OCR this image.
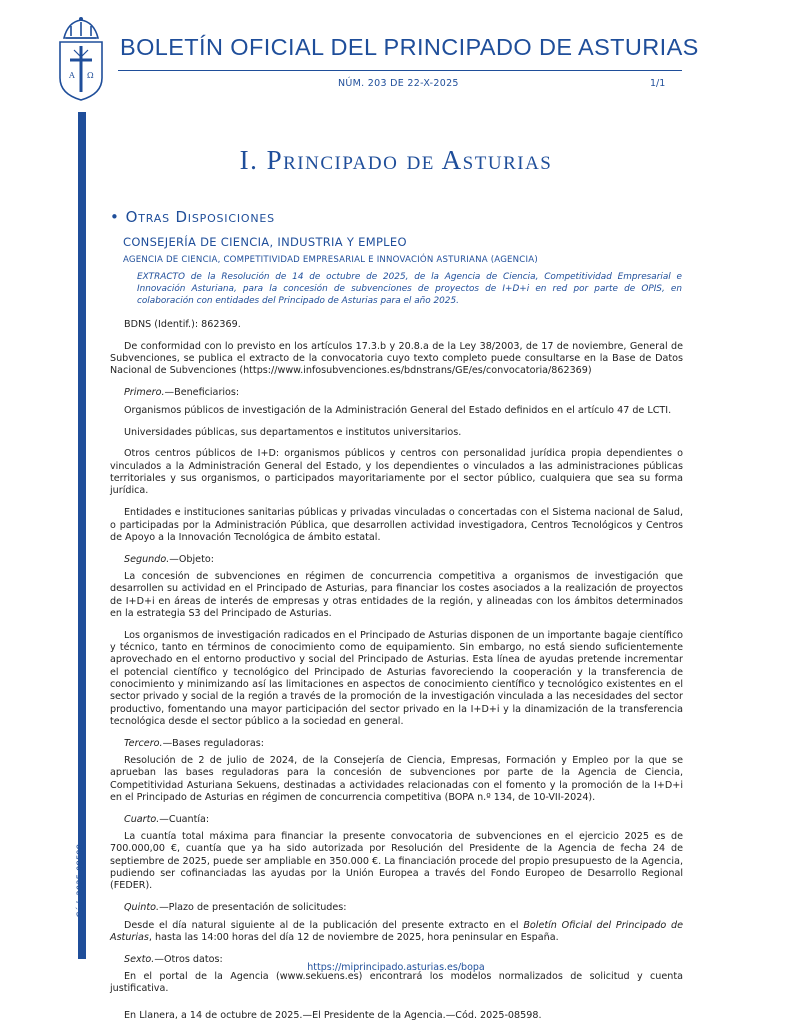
A Ω
BOLETÍN OFICIAL DEL PRINCIPADO DE ASTURIAS
NÚM. 203 DE 22-X-2025	1/1
Cód. 2025-08598
I. Principado de Asturias
• Otras Disposiciones
CONSEJERÍA DE CIENCIA, INDUSTRIA Y EMPLEO
AGENCIA DE CIENCIA, COMPETITIVIDAD EMPRESARIAL E INNOVACIÓN ASTURIANA (AGENCIA)

EXTRACTO de la Resolución de 14 de octubre de 2025, de la Agencia de Ciencia, Competitividad Empresarial e Innovación Asturiana, para la concesión de subvenciones de proyectos de I+D+i en red por parte de OPIS, en colaboración con entidades del Principado de Asturias para el año 2025.

BDNS (Identif.): 862369.

De conformidad con lo previsto en los artículos 17.3.b y 20.8.a de la Ley 38/2003, de 17 de noviembre, General de Subvenciones, se publica el extracto de la convocatoria cuyo texto completo puede consultarse en la Base de Datos Nacional de Subvenciones (https://www.infosubvenciones.es/bdnstrans/GE/es/convocatoria/862369)

Primero.—Beneficiarios:

Organismos públicos de investigación de la Administración General del Estado definidos en el artículo 47 de LCTI.

Universidades públicas, sus departamentos e institutos universitarios.

Otros centros públicos de I+D: organismos públicos y centros con personalidad jurídica propia dependientes o vinculados a la Administración General del Estado, y los dependientes o vinculados a las administraciones públicas territoriales y sus organismos, o participados mayoritariamente por el sector público, cualquiera que sea su forma jurídica.

Entidades e instituciones sanitarias públicas y privadas vinculadas o concertadas con el Sistema nacional de Salud, o participadas por la Administración Pública, que desarrollen actividad investigadora, Centros Tecnológicos y Centros de Apoyo a la Innovación Tecnológica de ámbito estatal.

Segundo.—Objeto:

La concesión de subvenciones en régimen de concurrencia competitiva a organismos de investigación que desarrollen su actividad en el Principado de Asturias, para financiar los costes asociados a la realización de proyectos de I+D+i en áreas de interés de empresas y otras entidades de la región, y alineadas con los ámbitos determinados en la estrategia S3 del Principado de Asturias.

Los organismos de investigación radicados en el Principado de Asturias disponen de un importante bagaje científico y técnico, tanto en términos de conocimiento como de equipamiento. Sin embargo, no está siendo suficientemente aprovechado en el entorno productivo y social del Principado de Asturias. Esta línea de ayudas pretende incrementar el potencial científico y tecnológico del Principado de Asturias favoreciendo la cooperación y la transferencia de conocimiento y minimizando así las limitaciones en aspectos de conocimiento científico y tecnológico existentes en el sector privado y social de la región a través de la promoción de la investigación vinculada a las necesidades del sector productivo, fomentando una mayor participación del sector privado en la I+D+i y la dinamización de la transferencia tecnológica desde el sector público a la sociedad en general.

Tercero.—Bases reguladoras:

Resolución de 2 de julio de 2024, de la Consejería de Ciencia, Empresas, Formación y Empleo por la que se aprueban las bases reguladoras para la concesión de subvenciones por parte de la Agencia de Ciencia, Competitividad Asturiana Sekuens, destinadas a actividades relacionadas con el fomento y la promoción de la I+D+i en el Principado de Asturias en régimen de concurrencia competitiva (BOPA n.º 134, de 10-VII-2024).

Cuarto.—Cuantía:

La cuantía total máxima para financiar la presente convocatoria de subvenciones en el ejercicio 2025 es de 700.000,00 €, cuantía que ya ha sido autorizada por Resolución del Presidente de la Agencia de fecha 24 de septiembre de 2025, puede ser ampliable en 350.000 €. La financiación procede del propio presupuesto de la Agencia, pudiendo ser cofinanciadas las ayudas por la Unión Europea a través del Fondo Europeo de Desarrollo Regional (FEDER).

Quinto.—Plazo de presentación de solicitudes:

Desde el día natural siguiente al de la publicación del presente extracto en el Boletín Oficial del Principado de Asturias, hasta las 14:00 horas del día 12 de noviembre de 2025, hora peninsular en España.

Sexto.—Otros datos:

En el portal de la Agencia (www.sekuens.es) encontrará los modelos normalizados de solicitud y cuenta justificativa.

En Llanera, a 14 de octubre de 2025.—El Presidente de la Agencia.—Cód. 2025-08598.

https://miprincipado.asturias.es/bopa
